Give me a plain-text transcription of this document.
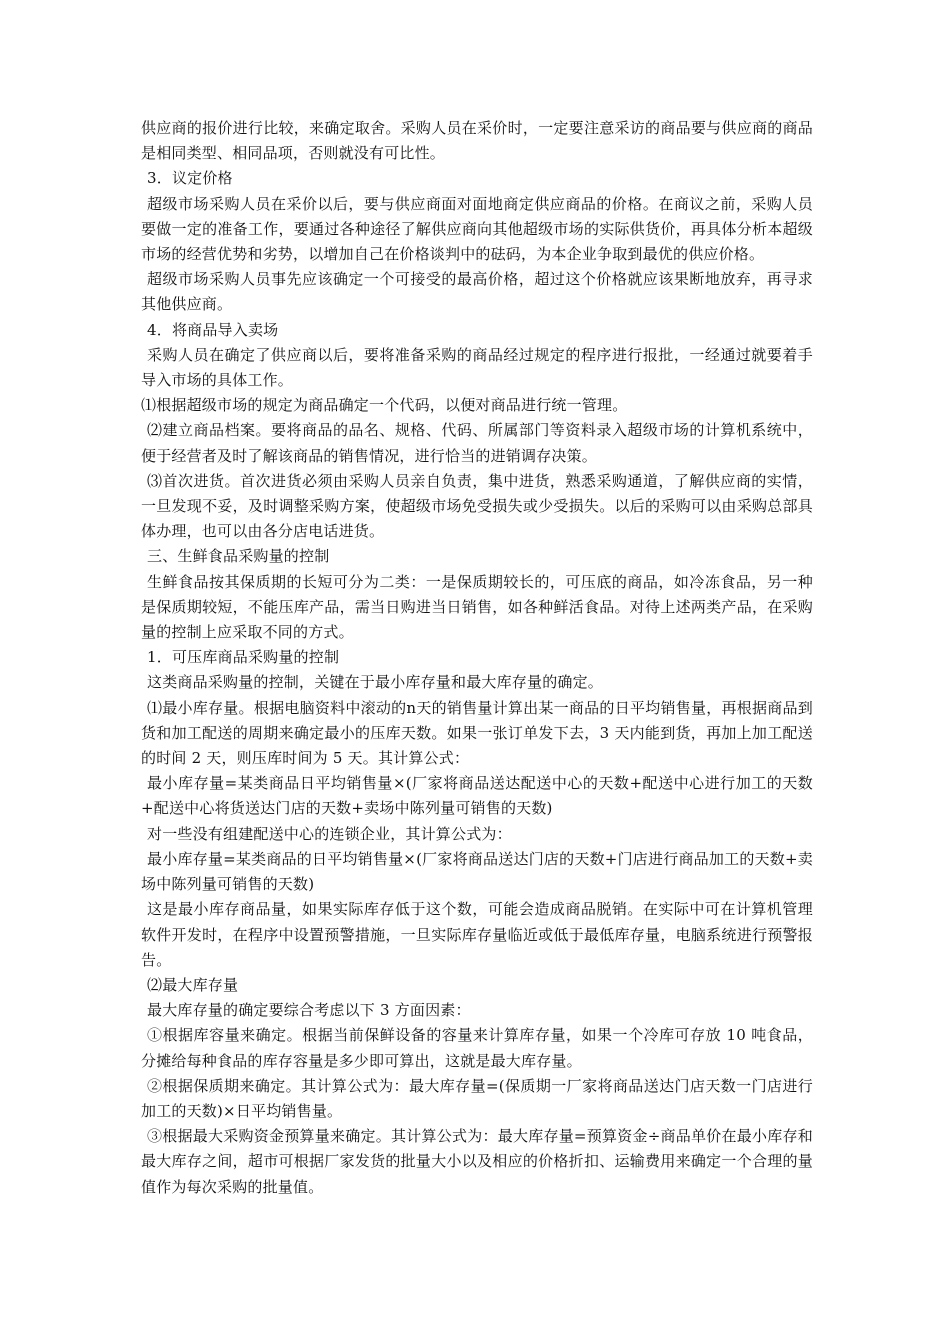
供应商的报价进行比较，来确定取舍。采购人员在采价时，一定要注意采访的商品要与供应商的商品是相同类型、相同品项，否则就没有可比性。

3．议定价格

超级市场采购人员在采价以后，要与供应商面对面地商定供应商品的价格。在商议之前，采购人员要做一定的准备工作，要通过各种途径了解供应商向其他超级市场的实际供货价，再具体分析本超级市场的经营优势和劣势，以增加自己在价格谈判中的砝码，为本企业争取到最优的供应价格。

超级市场采购人员事先应该确定一个可接受的最高价格，超过这个价格就应该果断地放弃，再寻求其他供应商。

4．将商品导入卖场

采购人员在确定了供应商以后，要将准备采购的商品经过规定的程序进行报批，一经通过就要着手导入市场的具体工作。

⑴根据超级市场的规定为商品确定一个代码，以便对商品进行统一管理。

⑵建立商品档案。要将商品的品名、规格、代码、所属部门等资料录入超级市场的计算机系统中，便于经营者及时了解该商品的销售情况，进行恰当的进销调存决策。

⑶首次进货。首次进货必须由采购人员亲自负责，集中进货，熟悉采购通道，了解供应商的实情，一旦发现不妥，及时调整采购方案，使超级市场免受损失或少受损失。以后的采购可以由采购总部具体办理，也可以由各分店电话进货。

三、生鲜食品采购量的控制

生鲜食品按其保质期的长短可分为二类：一是保质期较长的，可压底的商品，如冷冻食品，另一种是保质期较短，不能压库产品，需当日购进当日销售，如各种鲜活食品。对待上述两类产品，在采购量的控制上应采取不同的方式。

1．可压库商品采购量的控制

这类商品采购量的控制，关键在于最小库存量和最大库存量的确定。

⑴最小库存量。根据电脑资料中滚动的n天的销售量计算出某一商品的日平均销售量，再根据商品到货和加工配送的周期来确定最小的压库天数。如果一张订单发下去，3 天内能到货，再加上加工配送的时间 2 天，则压库时间为 5 天。其计算公式：

最小库存量=某类商品日平均销售量×(厂家将商品送达配送中心的天数+配送中心进行加工的天数+配送中心将货送达门店的天数+卖场中陈列量可销售的天数)

对一些没有组建配送中心的连锁企业，其计算公式为：

最小库存量=某类商品的日平均销售量×(厂家将商品送达门店的天数+门店进行商品加工的天数+卖场中陈列量可销售的天数)

这是最小库存商品量，如果实际库存低于这个数，可能会造成商品脱销。在实际中可在计算机管理软件开发时，在程序中设置预警措施，一旦实际库存量临近或低于最低库存量，电脑系统进行预警报告。

⑵最大库存量

最大库存量的确定要综合考虑以下 3 方面因素：

①根据库容量来确定。根据当前保鲜设备的容量来计算库存量，如果一个冷库可存放 10 吨食品，分摊给每种食品的库存容量是多少即可算出，这就是最大库存量。

②根据保质期来确定。其计算公式为：最大库存量=(保质期一厂家将商品送达门店天数一门店进行加工的天数)×日平均销售量。

③根据最大采购资金预算量来确定。其计算公式为：最大库存量=预算资金÷商品单价在最小库存和最大库存之间，超市可根据厂家发货的批量大小以及相应的价格折扣、运输费用来确定一个合理的量值作为每次采购的批量值。
